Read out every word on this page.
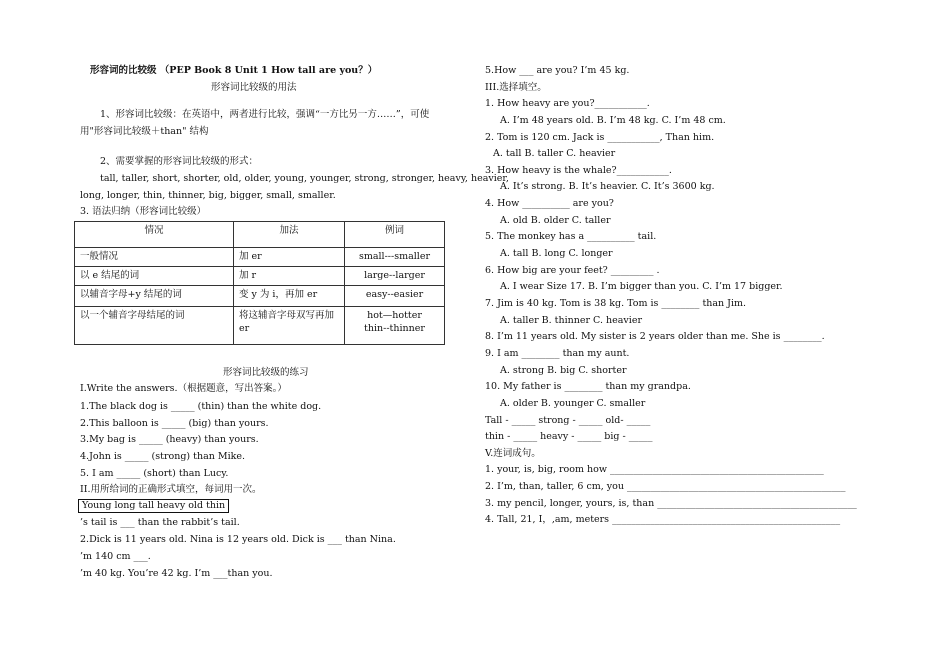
形容词的比较级 （PEP Book 8 Unit 1 How tall are you？）
形容词比较级的用法
1、形容词比较级：在英语中，两者进行比较，强调“一方比另一方……”，可使
用"形容词比较级＋than" 结构
2、需要掌握的形容词比较级的形式：
tall, taller, short, shorter, old, older, young, younger, strong, stronger, heavy, heavier,
long, longer, thin, thinner, big, bigger, small, smaller.
3. 语法归纳（形容词比较级）
情况	加法	例词
一般情况	加 er	small---smaller
以 e 结尾的词	加 r	large--larger
以辅音字母+y 结尾的词	变 y 为 i，再加 er	easy--easier
以一个辅音字母结尾的词	将这辅音字母双写再加 er	hot—hotter
thin--thinner
形容词比较级的练习
I.Write the answers.（根据题意，写出答案。）
1.The black dog is _____ (thin) than the white dog.
2.This balloon is _____ (big) than yours.
3.My bag is _____ (heavy) than yours.
4.John is _____ (strong) than Mike.
5. I am _____ (short) than Lucy.
II.用所给词的正确形式填空，每词用一次。
Young long tall heavy old thin
’s tail is ___ than the rabbit’s tail.
2.Dick is 11 years old. Nina is 12 years old. Dick is ___ than Nina.
’m 140 cm ___.
’m 40 kg. You’re 42 kg. I’m ___than you.
5.How ___ are you? I’m 45 kg.
III.选择填空。
1. How heavy are you?___________.
A. I’m 48 years old. B. I’m 48 kg. C. I’m 48 cm.
2. Tom is 120 cm. Jack is ___________, Than him.
A. tall B. taller C. heavier
3. How heavy is the whale?___________.
A. It’s strong. B. It’s heavier. C. It’s 3600 kg.
4. How __________ are you?
A. old B. older C. taller
5. The monkey has a __________ tail.
A. tall B. long C. longer
6. How big are your feet? _________ .
A. I wear Size 17. B. I’m bigger than you. C. I’m 17 bigger.
7. Jim is 40 kg. Tom is 38 kg. Tom is ________ than Jim.
A. taller B. thinner C. heavier
8. I’m 11 years old. My sister is 2 years older than me. She is ________.
9. I am ________ than my aunt.
A. strong B. big C. shorter
10. My father is ________ than my grandpa.
A. older B. younger C. smaller
Tall - _____ strong - _____ old- _____
thin - _____ heavy - _____ big - _____
V.连词成句。
1. your, is, big, room how _____________________________________________
2. I’m, than, taller, 6 cm, you ______________________________________________
3. my pencil, longer, yours, is, than __________________________________________
4. Tall, 21, I，,am, meters ________________________________________________
